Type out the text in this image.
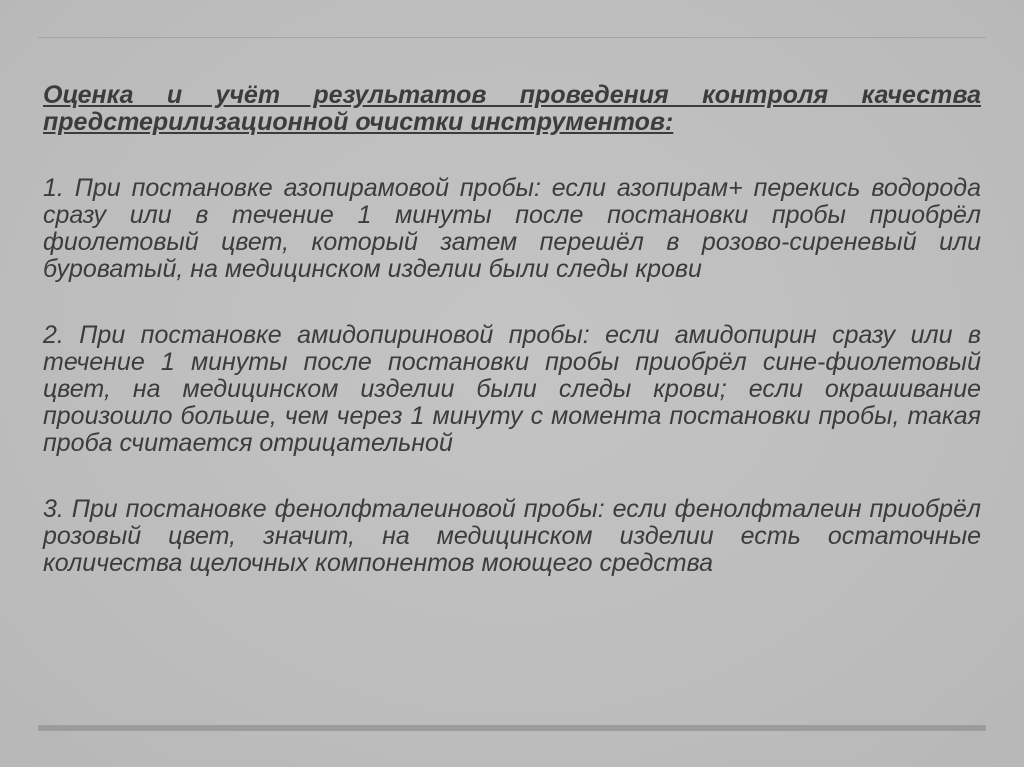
Оценка и учёт результатов проведения контроля качества предстерилизационной очистки инструментов:

1. При постановке азопирамовой пробы: если азопирам+ перекись водорода сразу или в течение 1 минуты после постановки пробы приобрёл фиолетовый цвет, который затем перешёл в розово-сиреневый или буроватый, на медицинском изделии были следы крови

2. При постановке амидопириновой пробы: если амидопирин сразу или в течение 1 минуты после постановки пробы приобрёл сине-фиолетовый цвет, на медицинском изделии были следы крови; если окрашивание произошло больше, чем через 1 минуту с момента постановки пробы, такая проба считается отрицательной

3. При постановке фенолфталеиновой пробы: если фенолфталеин приобрёл розовый цвет, значит, на медицинском изделии есть остаточные количества щелочных компонентов моющего средства
